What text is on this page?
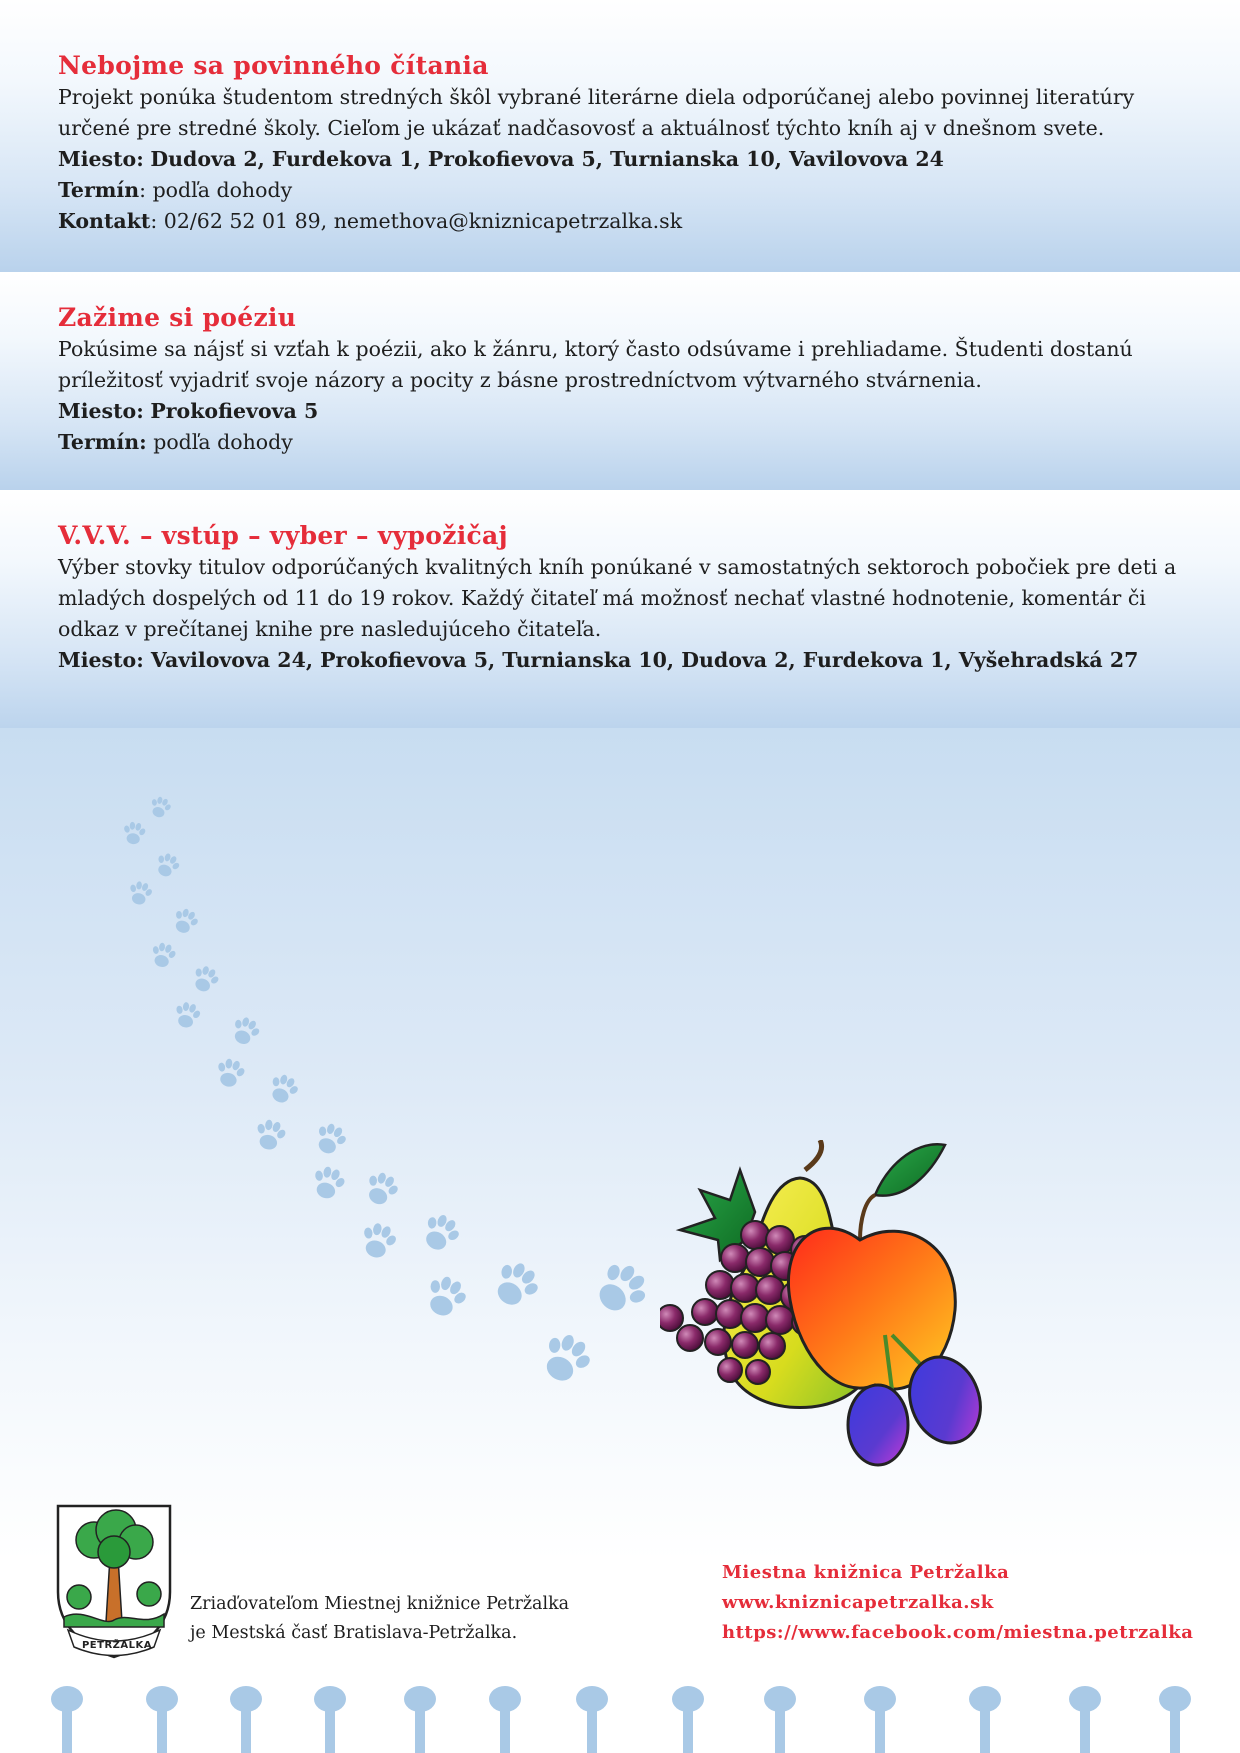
Nebojme sa povinného čítania

Projekt ponúka študentom stredných škôl vybrané literárne diela odporúčanej alebo povinnej literatúry určené pre stredné školy. Cieľom je ukázať nadčasovosť a aktuálnosť týchto kníh aj v dnešnom svete.

Miesto: Dudova 2, Furdekova 1, Prokofievova 5, Turnianska 10, Vavilovova 24
Termín: podľa dohody
Kontakt: 02/62 52 01 89, nemethova@kniznicapetrzalka.sk
Zažime si poéziu

Pokúsime sa nájsť si vzťah k poézii, ako k žánru, ktorý často odsúvame i prehliadame. Študenti dostanú príležitosť vyjadriť svoje názory a pocity z básne prostredníctvom výtvarného stvárnenia.

Miesto: Prokofievova 5
Termín: podľa dohody
V.V.V. – vstúp – vyber – vypožičaj

Výber stovky titulov odporúčaných kvalitných kníh ponúkané v samostatných sektoroch pobočiek pre deti a mladých dospelých od 11 do 19 rokov. Každý čitateľ má možnosť nechať vlastné hodnotenie, komentár či odkaz v prečítanej knihe pre nasledujúceho čitateľa.

Miesto: Vavilovova 24, Prokofievova 5, Turnianska 10, Dudova 2, Furdekova 1, Vyšehradská 27
PETRŽALKA
Zriaďovateľom Miestnej knižnice Petržalka
je Mestská časť Bratislava-Petržalka.
Miestna knižnica Petržalka
www.kniznicapetrzalka.sk
https://www.facebook.com/miestna.petrzalka
